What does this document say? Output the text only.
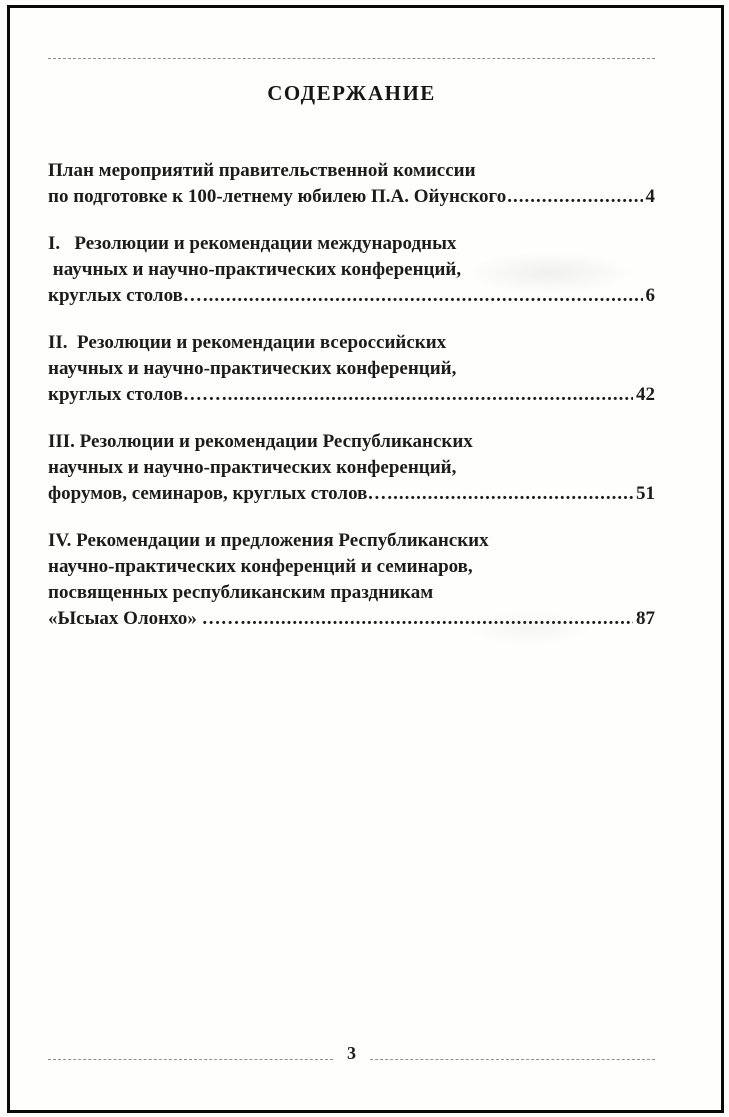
СОДЕРЖАНИЕ
План мероприятий правительственной комиссии
по подготовке к 100-летнему юбилею П.А. Ойунского .....	4
I.   Резолюции и рекомендации международных
научных и научно-практических конференций,
круглых столов… .....	6
II.  Резолюции и рекомендации всероссийских
научных и научно-практических конференций,
круглых столов…… .....	42
III. Резолюции и рекомендации Республиканских
научных и научно-практических конференций,
форумов, семинаров, круглых столов… .....	51
IV. Рекомендации и предложения Республиканских
научно-практических конференций и семинаров,
посвященных республиканским праздникам
«Ысыах Олонхо» …… .....	87
3
